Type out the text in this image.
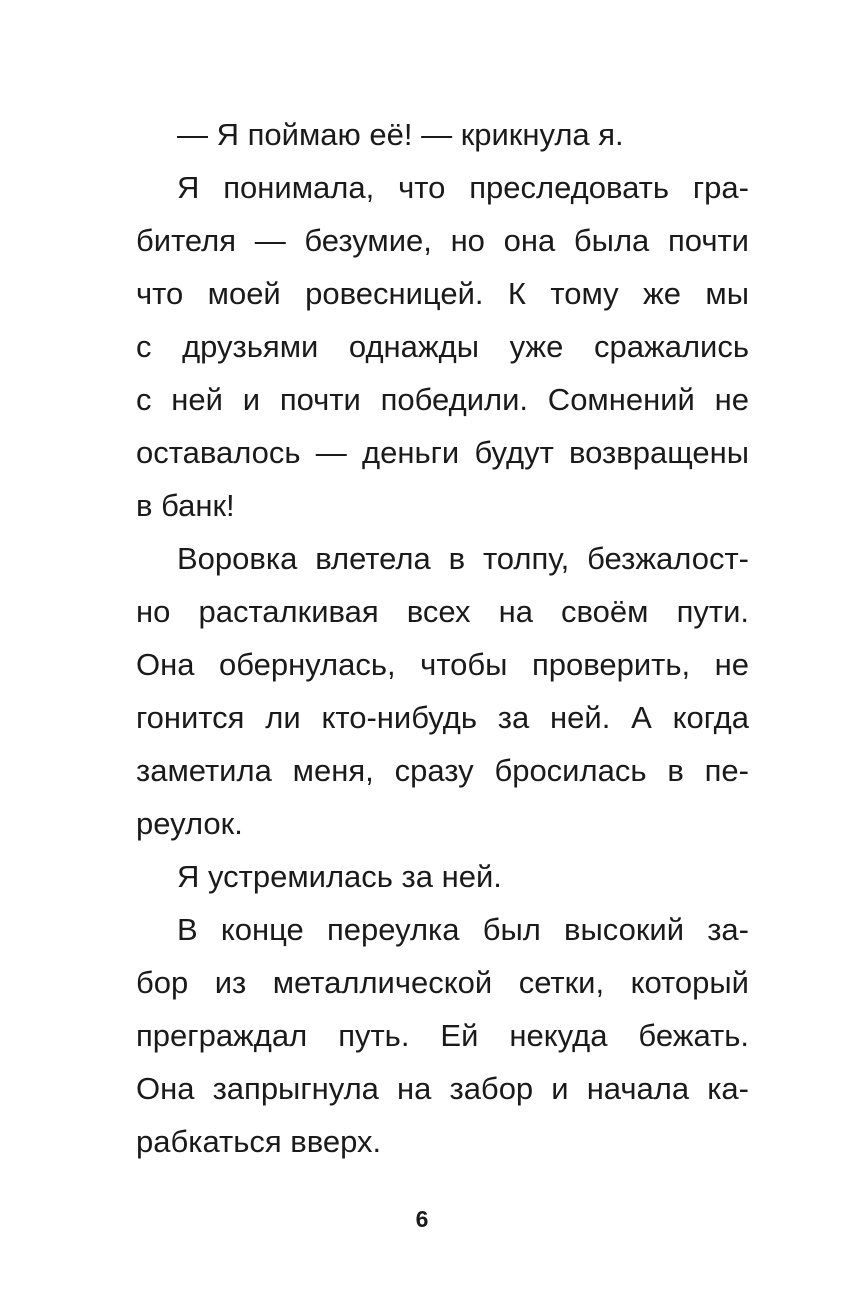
— Я поймаю её! — крикнула я.
Я понимала, что преследовать гра-
бителя — безумие, но она была почти
что моей ровесницей. К тому же мы
с друзьями однажды уже сражались
с ней и почти победили. Сомнений не
оставалось — деньги будут возвращены
в банк!
Воровка влетела в толпу, безжалост-
но расталкивая всех на своём пути.
Она обернулась, чтобы проверить, не
гонится ли кто-нибудь за ней. А когда
заметила меня, сразу бросилась в пе-
реулок.
Я устремилась за ней.
В конце переулка был высокий за-
бор из металлической сетки, который
преграждал путь. Ей некуда бежать.
Она запрыгнула на забор и начала ка-
рабкаться вверх.
6
